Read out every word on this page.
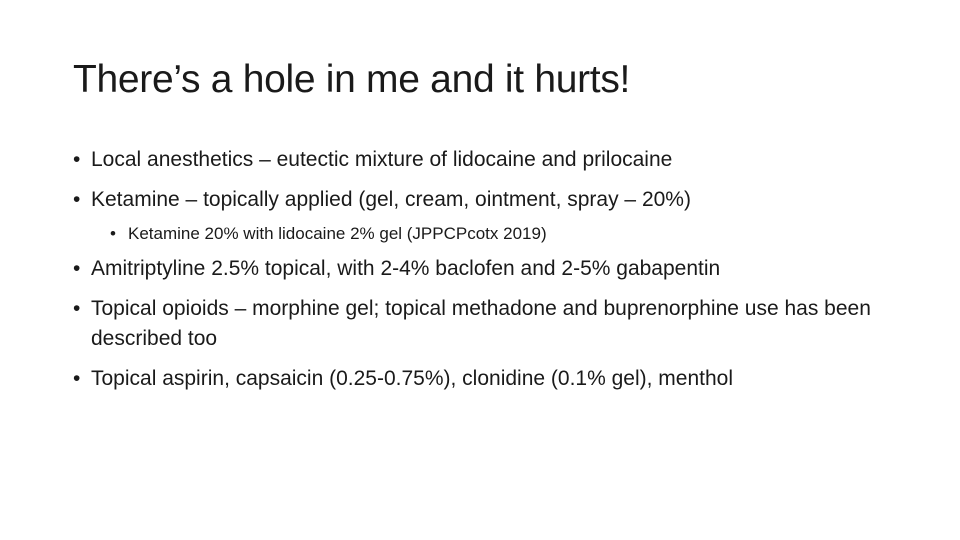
There’s a hole in me and it hurts!
• Local anesthetics – eutectic mixture of lidocaine and prilocaine
• Ketamine – topically applied (gel, cream, ointment, spray – 20%)
• Ketamine 20% with lidocaine 2% gel (JPPCPcotx 2019)
• Amitriptyline 2.5% topical, with 2-4% baclofen and 2-5% gabapentin
• Topical opioids – morphine gel; topical methadone and buprenorphine use has been described too
• Topical aspirin, capsaicin (0.25-0.75%), clonidine (0.1% gel), menthol
